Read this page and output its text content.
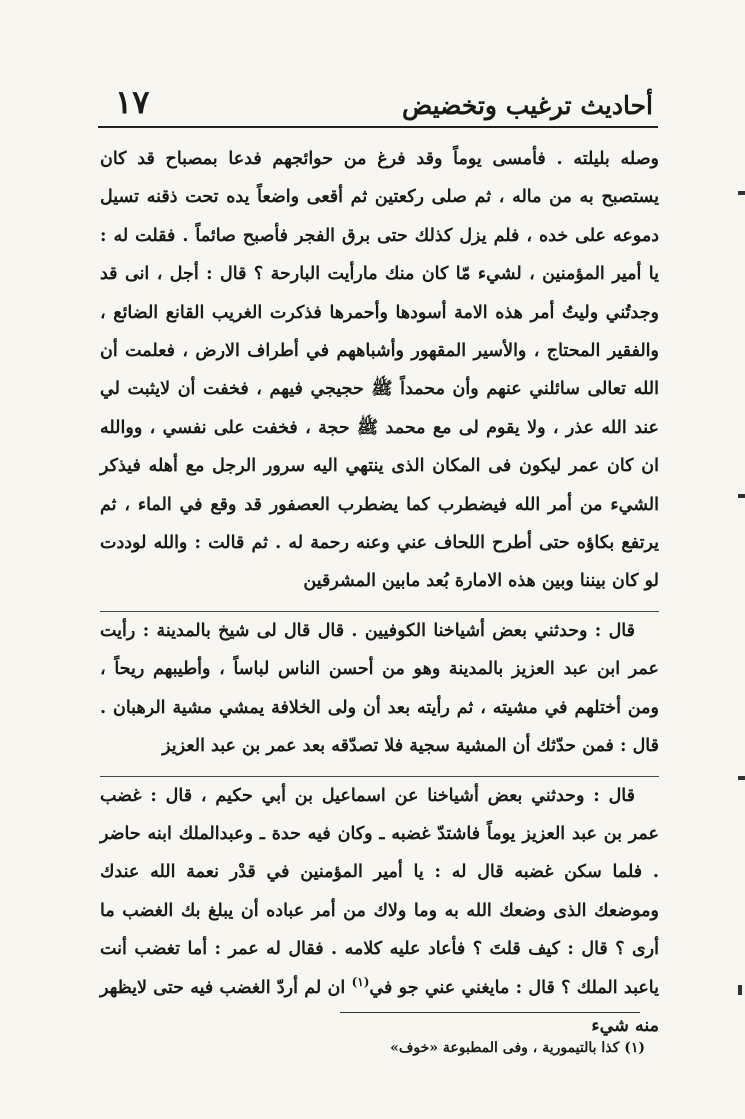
أحاديث ترغيب وتخضيض
١٧

وصله بليلته . فأمسى يوماً وقد فرغ من حوائجهم فدعا بمصباح قد كان يستصبح به من ماله ، ثم صلى ركعتين ثم أقعى واضعاً يده تحت ذقنه تسيل دموعه على خده ، فلم يزل كذلك حتى برق الفجر فأصبح صائماً . فقلت له : يا أمير المؤمنين ، لشيء مّا كان منك مارأيت البارحة ؟ قال : أجل ، انى قد وجدتُني وليتُ أمر هذه الامة أسودها وأحمرها فذكرت الغريب القانع الضائع ، والفقير المحتاج ، والأسير المقهور وأشباههم في أطراف الارض ، فعلمت أن الله تعالى سائلني عنهم وأن محمداً ﷺ حجيجي فيهم ، فخفت أن لايثبت لي عند الله عذر ، ولا يقوم لى مع محمد ﷺ حجة ، فخفت على نفسي ، ووالله ان كان عمر ليكون فى المكان الذى ينتهي اليه سرور الرجل مع أهله فيذكر الشيء من أمر الله فيضطرب كما يضطرب العصفور قد وقع في الماء ، ثم يرتفع بكاؤه حتى أطرح اللحاف عني وعنه رحمة له . ثم قالت : والله لوددت لو كان بيننا وبين هذه الامارة بُعد مابين المشرقين

قال : وحدثني بعض أشياخنا الكوفيين . قال قال لى شيخ بالمدينة : رأيت عمر ابن عبد العزيز بالمدينة وهو من أحسن الناس لباساً ، وأطيبهم ريحاً ، ومن أختلهم في مشيته ، ثم رأيته بعد أن ولى الخلافة يمشي مشية الرهبان . قال : فمن حدّثك أن المشية سجية فلا تصدّقه بعد عمر بن عبد العزيز

قال : وحدثني بعض أشياخنا عن اسماعيل بن أبي حكيم ، قال : غضب عمر بن عبد العزيز يوماً فاشتدّ غضبه ـ وكان فيه حدة ـ وعبدالملك ابنه حاضر . فلما سكن غضبه قال له : يا أمير المؤمنين في قدْر نعمة الله عندك وموضعك الذى وضعك الله به وما ولاك من أمر عباده أن يبلغ بك الغضب ما أرى ؟ قال : كيف قلتَ ؟ فأعاد عليه كلامه . فقال له عمر : أما تغضب أنت ياعبد الملك ؟ قال : مايغني عني جو في$^{(١)}$ ان لم أردّ الغضب فيه حتى لايظهر منه شيء

(١) كذا بالتيمورية ، وفى المطبوعة «خوف»
